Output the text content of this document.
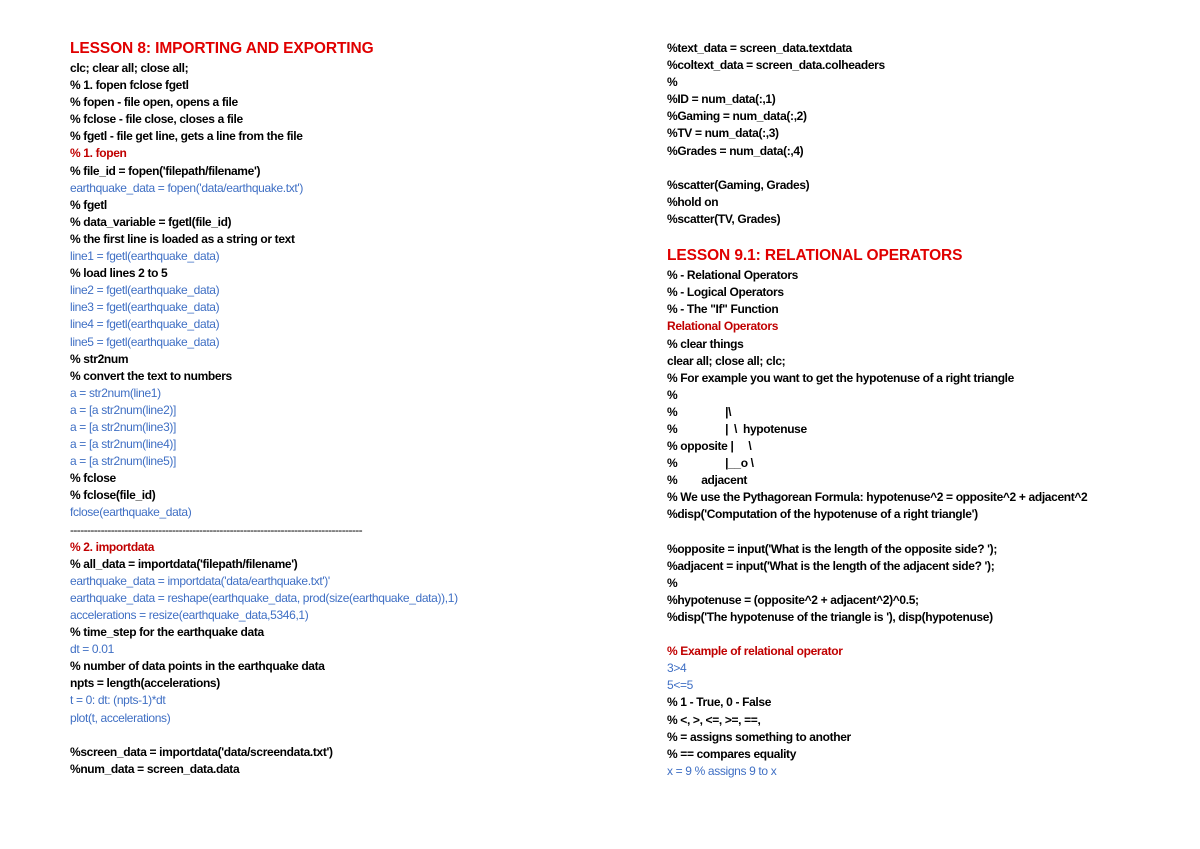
LESSON 8: IMPORTING AND EXPORTING
clc; clear all; close all;
% 1. fopen fclose fgetl
% fopen - file open, opens a file
% fclose - file close, closes a file
% fgetl - file get line, gets a line from the file
% 1. fopen
% file_id = fopen('filepath/filename')
earthquake_data = fopen('data/earthquake.txt')
% fgetl
% data_variable = fgetl(file_id)
% the first line is loaded as a string or text
line1 = fgetl(earthquake_data)
% load lines 2 to 5
line2 = fgetl(earthquake_data)
line3 = fgetl(earthquake_data)
line4 = fgetl(earthquake_data)
line5 = fgetl(earthquake_data)
% str2num
% convert the text to numbers
a = str2num(line1)
a = [a str2num(line2)]
a = [a str2num(line3)]
a = [a str2num(line4)]
a = [a str2num(line5)]
% fclose
% fclose(file_id)
fclose(earthquake_data)
--------------------------------------------------------------------------------------
% 2. importdata
% all_data = importdata('filepath/filename')
earthquake_data = importdata('data/earthquake.txt')'
earthquake_data = reshape(earthquake_data, prod(size(earthquake_data)),1)
accelerations = resize(earthquake_data,5346,1)
% time_step for the earthquake data
dt = 0.01
% number of data points in the earthquake data
npts = length(accelerations)
t = 0: dt: (npts-1)*dt
plot(t, accelerations)
%screen_data = importdata('data/screendata.txt')
%num_data = screen_data.data
%text_data = screen_data.textdata
%coltext_data = screen_data.colheaders
%
%ID = num_data(:,1)
%Gaming = num_data(:,2)
%TV = num_data(:,3)
%Grades = num_data(:,4)
%scatter(Gaming, Grades)
%hold on
%scatter(TV, Grades)
LESSON 9.1: RELATIONAL OPERATORS
% - Relational Operators
% - Logical Operators
% - The "If" Function
Relational Operators
% clear things
clear all; close all; clc;
% For example you want to get the hypotenuse of a right triangle
%
%                |\
%                |  \  hypotenuse
% opposite |     \
%                |__o \
%        adjacent
% We use the Pythagorean Formula: hypotenuse^2 = opposite^2 + adjacent^2
%disp('Computation of the hypotenuse of a right triangle')
%opposite = input('What is the length of the opposite side? ');
%adjacent = input('What is the length of the adjacent side? ');
%
%hypotenuse = (opposite^2 + adjacent^2)^0.5;
%disp('The hypotenuse of the triangle is '), disp(hypotenuse)
% Example of relational operator
3>4
5<=5
% 1 - True, 0 - False
% <, >, <=, >=, ==,
% = assigns something to another
% == compares equality
x = 9 % assigns 9 to x
